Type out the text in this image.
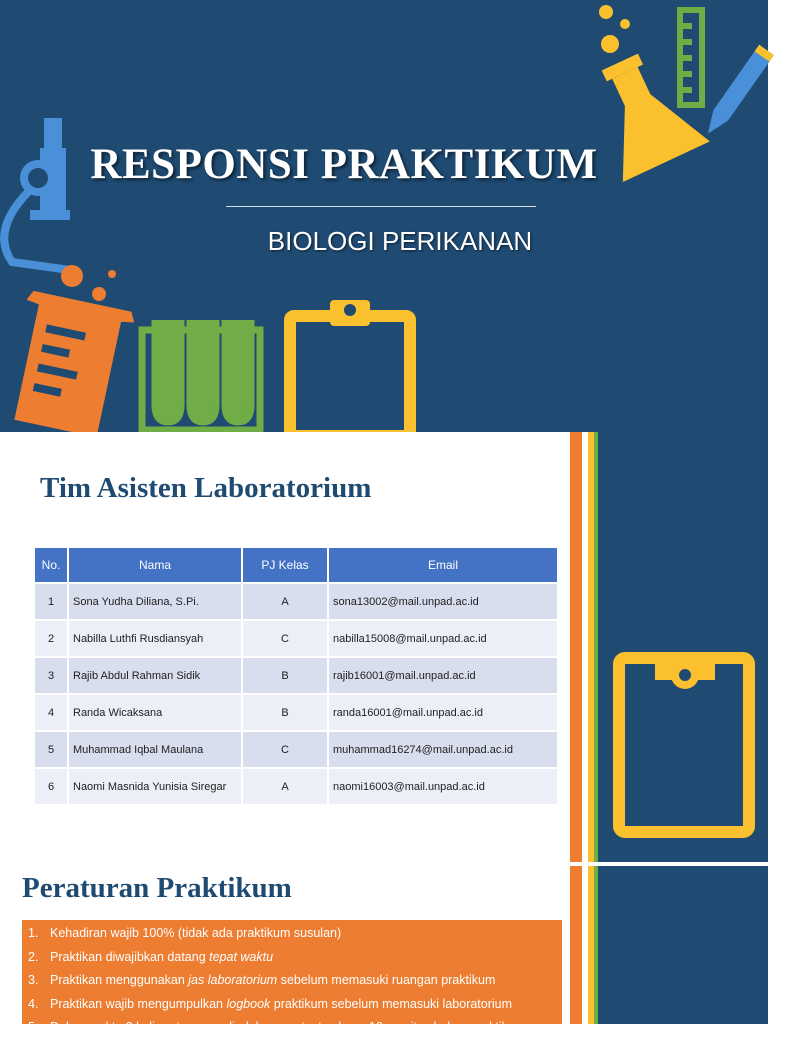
RESPONSI PRAKTIKUM
BIOLOGI PERIKANAN
Tim Asisten Laboratorium
No.	Nama	PJ Kelas	Email
1	Sona Yudha Diliana, S.Pi.	A	sona13002@mail.unpad.ac.id
2	Nabilla Luthfi Rusdiansyah	C	nabilla15008@mail.unpad.ac.id
3	Rajib Abdul Rahman Sidik	B	rajib16001@mail.unpad.ac.id
4	Randa Wicaksana	B	randa16001@mail.unpad.ac.id
5	Muhammad Iqbal Maulana	C	muhammad16274@mail.unpad.ac.id
6	Naomi Masnida Yunisia Siregar	A	naomi16003@mail.unpad.ac.id
Peraturan Praktikum
1. Kehadiran wajib 100% (tidak ada praktikum susulan)
2. Praktikan diwajibkan datang tepat waktu
3. Praktikan menggunakan jas laboratorium sebelum memasuki ruangan praktikum
4. Praktikan wajib mengumpulkan logbook praktikum sebelum memasuki laboratorium
5. Dalam waktu 2 kali pertemuan, diadakan pre-test selama 10 menit sebelum praktikum
